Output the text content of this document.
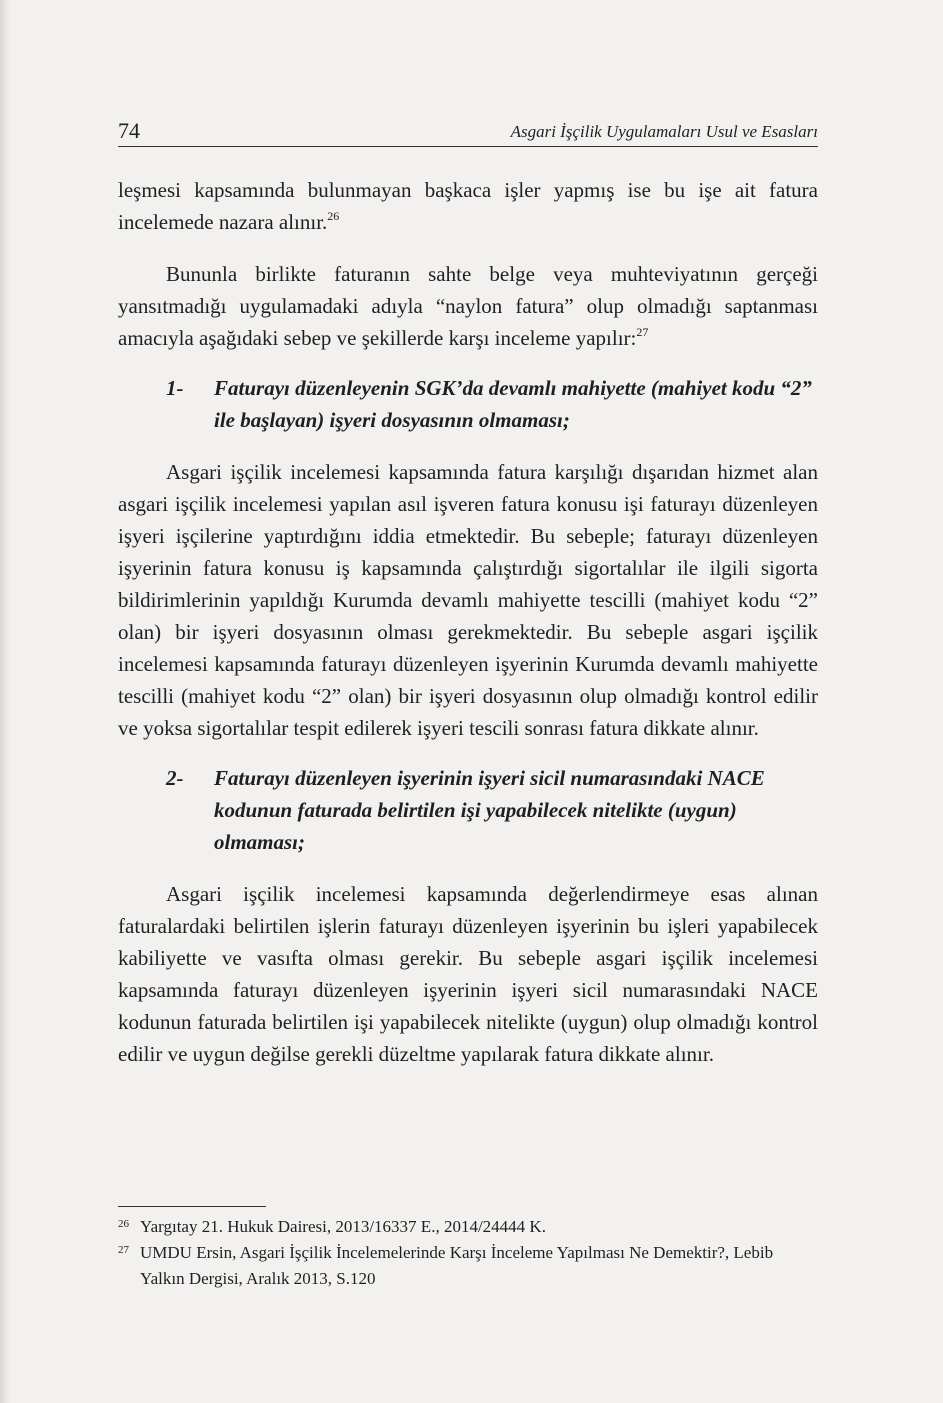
74	Asgari İşçilik Uygulamaları Usul ve Esasları

leşmesi kapsamında bulunmayan başkaca işler yapmış ise bu işe ait fatura incelemede nazara alınır.$^{26}$

Bununla birlikte faturanın sahte belge veya muhteviyatının gerçeği yansıtmadığı uygulamadaki adıyla “naylon fatura” olup olmadığı saptanması amacıyla aşağıdaki sebep ve şekillerde karşı inceleme yapılır:$^{27}$

1-	Faturayı düzenleyenin SGK’da devamlı mahiyette (mahiyet kodu “2” ile başlayan) işyeri dosyasının olmaması;

Asgari işçilik incelemesi kapsamında fatura karşılığı dışarıdan hizmet alan asgari işçilik incelemesi yapılan asıl işveren fatura konusu işi faturayı düzenleyen işyeri işçilerine yaptırdığını iddia etmektedir. Bu sebeple; faturayı düzenleyen işyerinin fatura konusu iş kapsamında çalıştırdığı sigortalılar ile ilgili sigorta bildirimlerinin yapıldığı Kurumda devamlı mahiyette tescilli (mahiyet kodu “2” olan) bir işyeri dosyasının olması gerekmektedir. Bu sebeple asgari işçilik incelemesi kapsamında faturayı düzenleyen işyerinin Kurumda devamlı mahiyette tescilli (mahiyet kodu “2” olan) bir işyeri dosyasının olup olmadığı kontrol edilir ve yoksa sigortalılar tespit edilerek işyeri tescili sonrası fatura dikkate alınır.

2-	Faturayı düzenleyen işyerinin işyeri sicil numarasındaki NACE kodunun faturada belirtilen işi yapabilecek nitelikte (uygun) olmaması;

Asgari işçilik incelemesi kapsamında değerlendirmeye esas alınan faturalardaki belirtilen işlerin faturayı düzenleyen işyerinin bu işleri yapabilecek kabiliyette ve vasıfta olması gerekir. Bu sebeple asgari işçilik incelemesi kapsamında faturayı düzenleyen işyerinin işyeri sicil numarasındaki NACE kodunun faturada belirtilen işi yapabilecek nitelikte (uygun) olup olmadığı kontrol edilir ve uygun değilse gerekli düzeltme yapılarak fatura dikkate alınır.

26 Yargıtay 21. Hukuk Dairesi, 2013/16337 E., 2014/24444 K.
27 UMDU Ersin, Asgari İşçilik İncelemelerinde Karşı İnceleme Yapılması Ne Demektir?, Lebib Yalkın Dergisi, Aralık 2013, S.120
